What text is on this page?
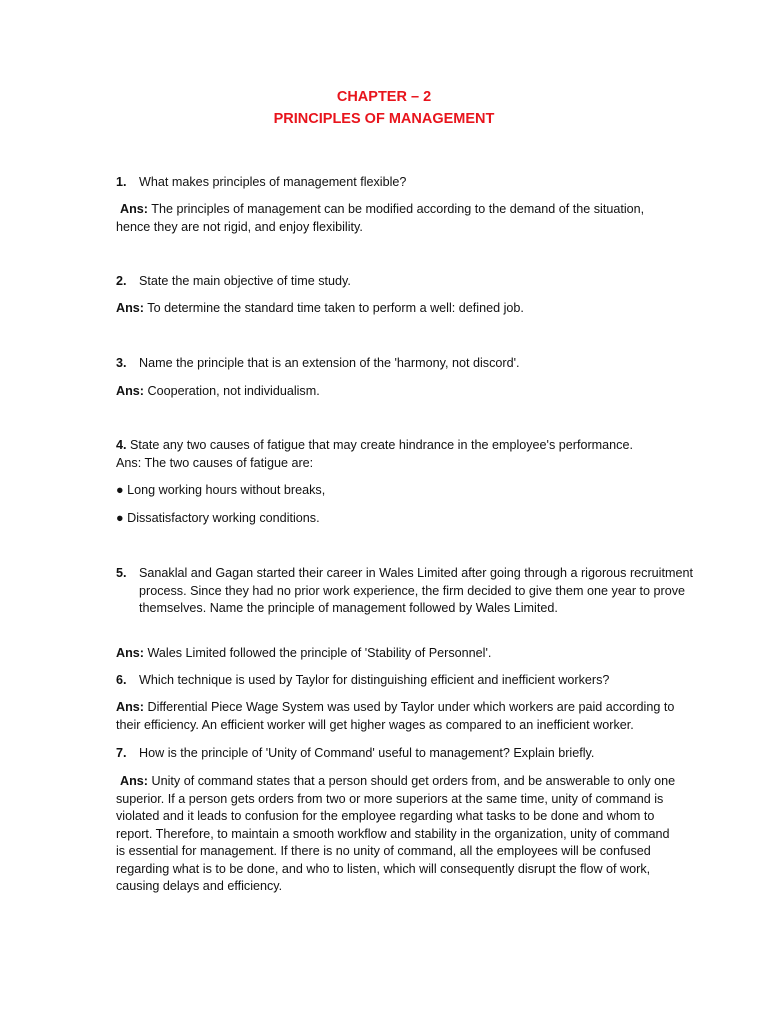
CHAPTER – 2
PRINCIPLES OF MANAGEMENT

1. What makes principles of management flexible?

Ans: The principles of management can be modified according to the demand of the situation, hence they are not rigid, and enjoy flexibility.

2. State the main objective of time study.

Ans: To determine the standard time taken to perform a well: defined job.

3. Name the principle that is an extension of the 'harmony, not discord'.

Ans: Cooperation, not individualism.

4. State any two causes of fatigue that may create hindrance in the employee's performance.

Ans: The two causes of fatigue are:

● Long working hours without breaks,

● Dissatisfactory working conditions.

5. Sanaklal and Gagan started their career in Wales Limited after going through a rigorous recruitment process. Since they had no prior work experience, the firm decided to give them one year to prove themselves. Name the principle of management followed by Wales Limited.

Ans: Wales Limited followed the principle of 'Stability of Personnel'.

6. Which technique is used by Taylor for distinguishing efficient and inefficient workers?

Ans: Differential Piece Wage System was used by Taylor under which workers are paid according to their efficiency. An efficient worker will get higher wages as compared to an inefficient worker.

7. How is the principle of 'Unity of Command' useful to management? Explain briefly.

Ans: Unity of command states that a person should get orders from, and be answerable to only one superior. If a person gets orders from two or more superiors at the same time, unity of command is violated and it leads to confusion for the employee regarding what tasks to be done and whom to report. Therefore, to maintain a smooth workflow and stability in the organization, unity of command is essential for management. If there is no unity of command, all the employees will be confused regarding what is to be done, and who to listen, which will consequently disrupt the flow of work, causing delays and efficiency.
